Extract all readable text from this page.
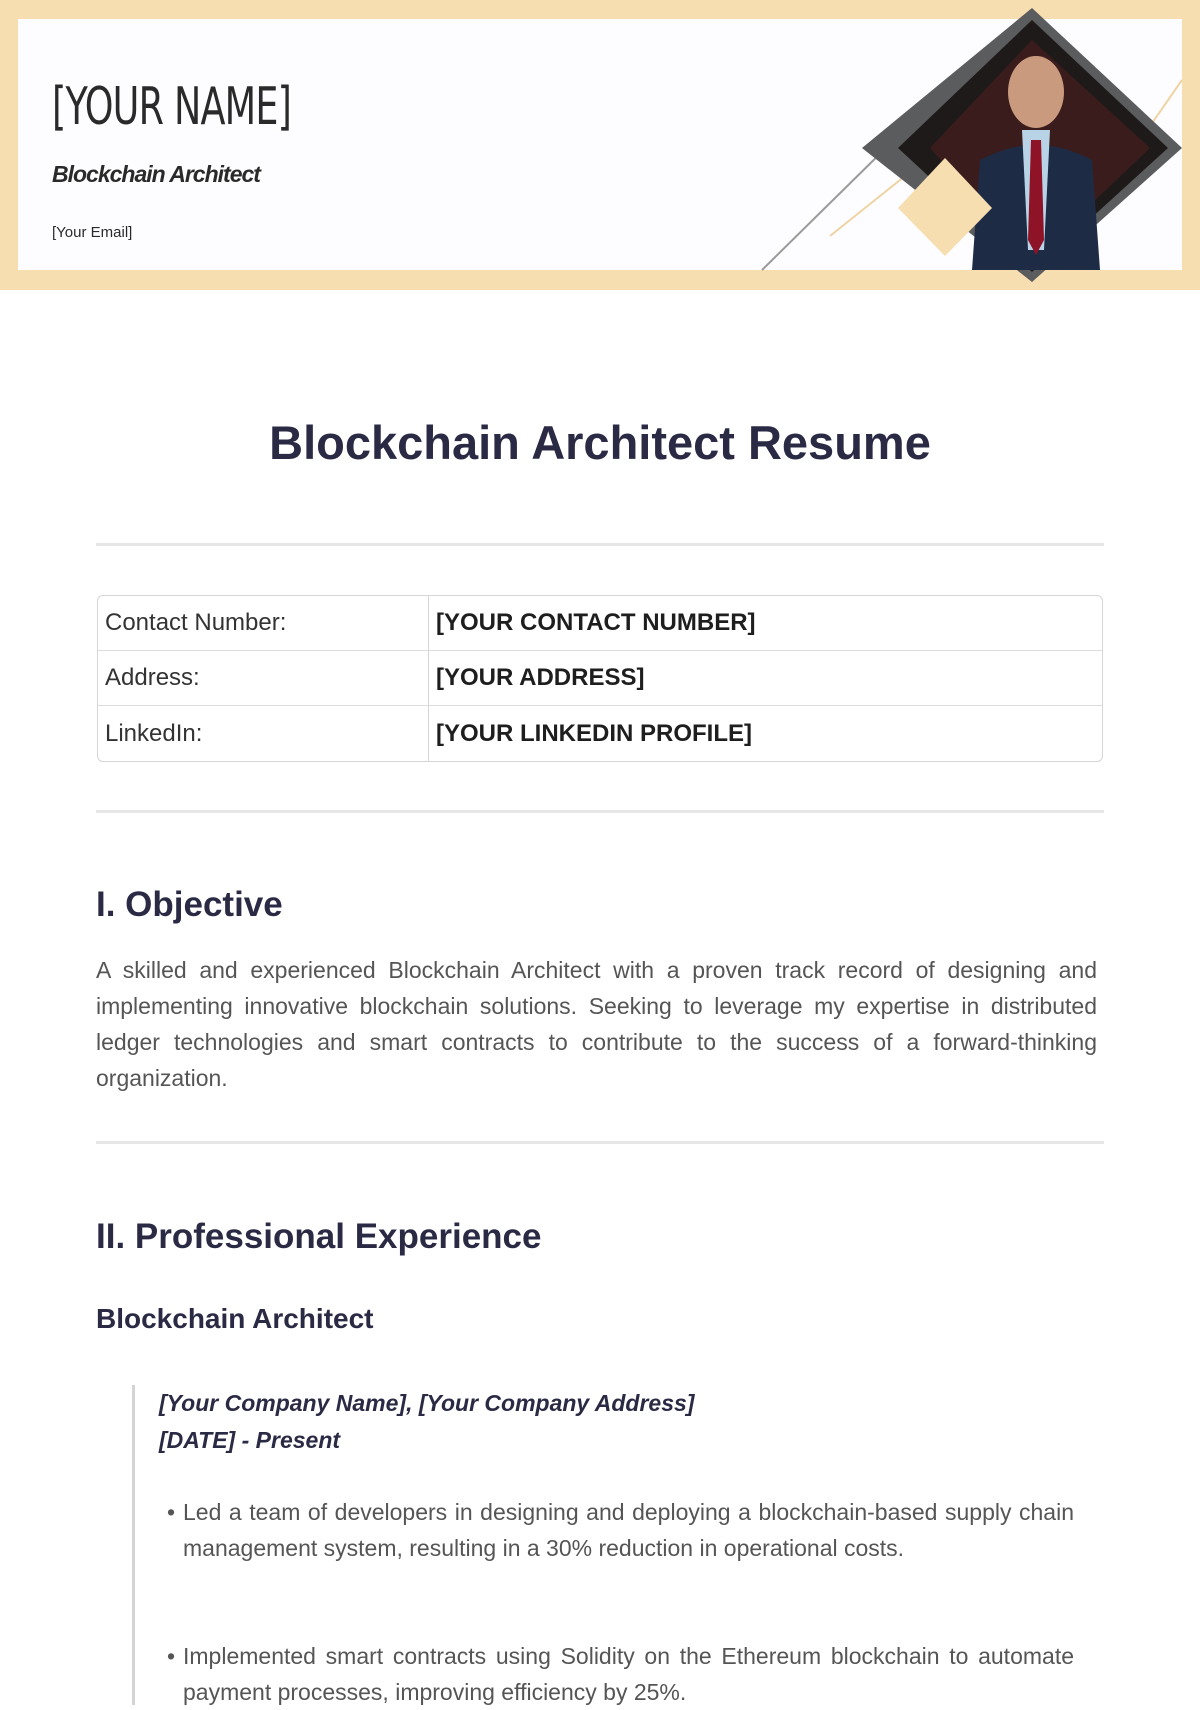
[YOUR NAME]
Blockchain Architect
[Your Email]
Blockchain Architect Resume
Contact Number:	[YOUR CONTACT NUMBER]
Address:	[YOUR ADDRESS]
LinkedIn:	[YOUR LINKEDIN PROFILE]
I. Objective
A skilled and experienced Blockchain Architect with a proven track record of designing and implementing innovative blockchain solutions. Seeking to leverage my expertise in distributed ledger technologies and smart contracts to contribute to the success of a forward-thinking organization.
II. Professional Experience
Blockchain Architect
[Your Company Name], [Your Company Address]
[DATE] - Present
• Led a team of developers in designing and deploying a blockchain-based supply chain management system, resulting in a 30% reduction in operational costs.
• Implemented smart contracts using Solidity on the Ethereum blockchain to automate payment processes, improving efficiency by 25%.
